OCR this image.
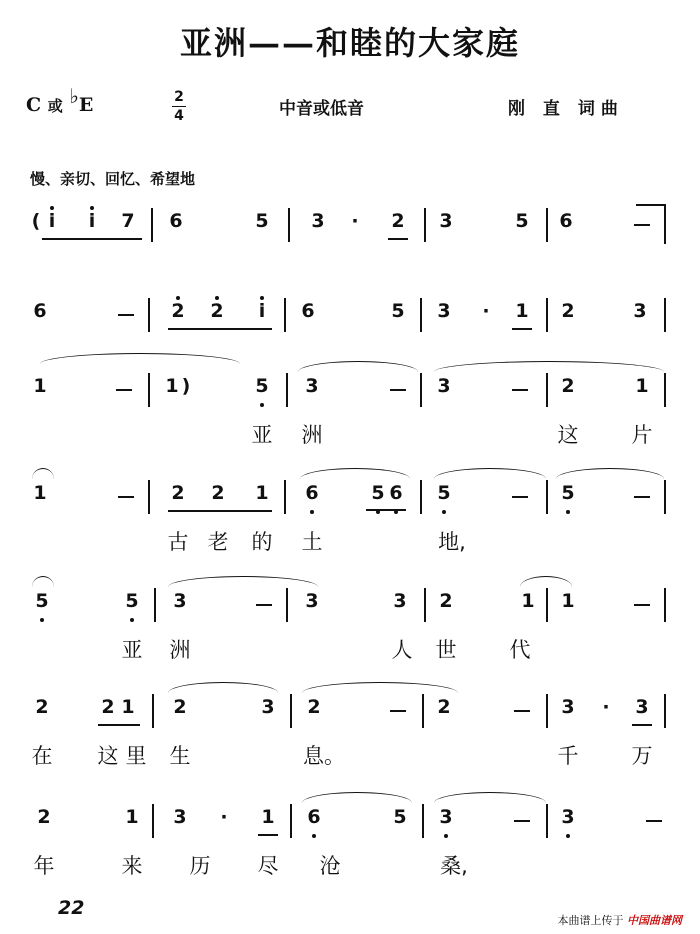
亚洲——和睦的大家庭
C 或 ♭E	2
4	中音或低音	刚 直 词曲
慢、亲切、回忆、希望地
( i i 7 6	5 3 · 2 3	5 6
6	2 2 i 6	5 3 · 1 2	3
1	1 )	5 3	3	2	1
亚 洲	这	片
1	2 2 1 6	5 6 5	5
古 老 的 土	地,
5	5 3	3	3 2	1 1
亚 洲	人 世	代
2	2 1 2	3 2	2	3 · 3
在 这 里 生	息。	千	万
2	1 3 · 1 6	5 3	3
年	来 历 尽 沧	桑,
22
本曲谱上传于 中国曲谱网
